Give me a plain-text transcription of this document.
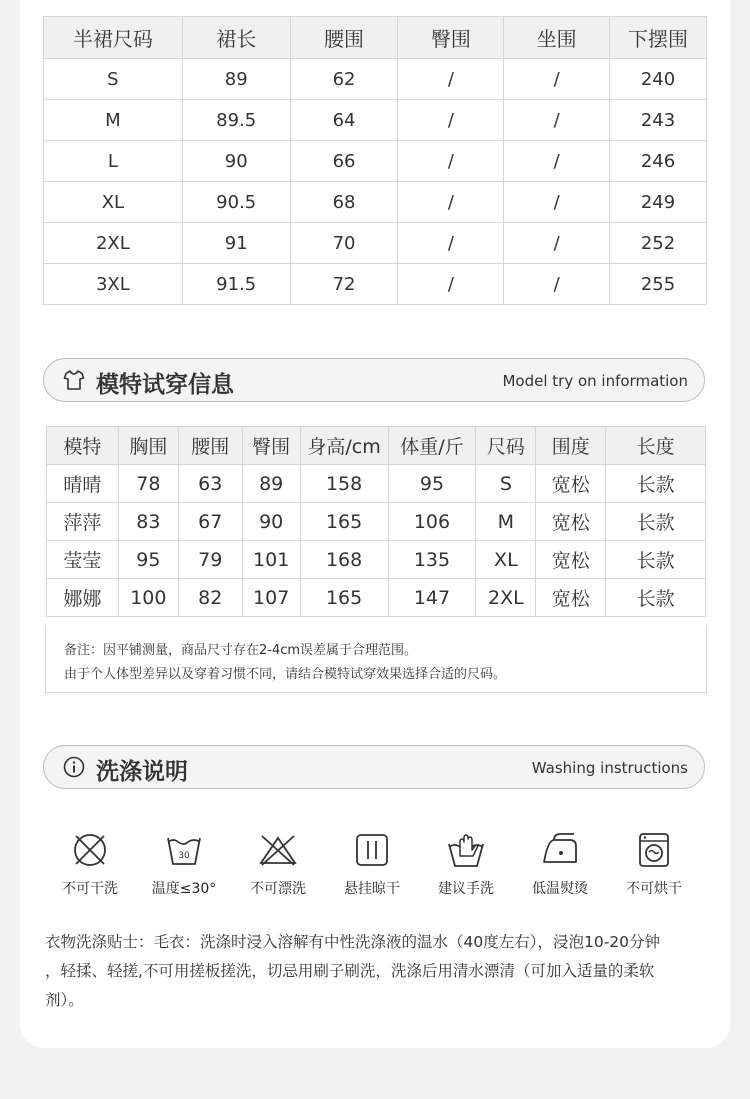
半裙尺码	裙长	腰围	臀围	坐围	下摆围
S	89	62	/	/	240
M	89.5	64	/	/	243
L	90	66	/	/	246
XL	90.5	68	/	/	249
2XL	91	70	/	/	252
3XL	91.5	72	/	/	255
模特试穿信息	Model try on information
模特	胸围	腰围	臀围	身高/cm	体重/斤	尺码	围度	长度
晴晴	78	63	89	158	95	S	宽松	长款
萍萍	83	67	90	165	106	M	宽松	长款
莹莹	95	79	101	168	135	XL	宽松	长款
娜娜	100	82	107	165	147	2XL	宽松	长款
备注：因平铺测量，商品尺寸存在2-4cm误差属于合理范围。
由于个人体型差异以及穿着习惯不同，请结合模特试穿效果选择合适的尺码。
洗涤说明	Washing instructions
不可干洗
30
温度≤30°	不可漂洗	悬挂晾干	建议手洗	低温熨烫	不可烘干
衣物洗涤贴士：毛衣：洗涤时浸入溶解有中性洗涤液的温水（40度左右），浸泡10-20分钟
，轻揉、轻搓,不可用搓板搓洗，切忌用刷子刷洗，洗涤后用清水漂清（可加入适量的柔软
剂）。
